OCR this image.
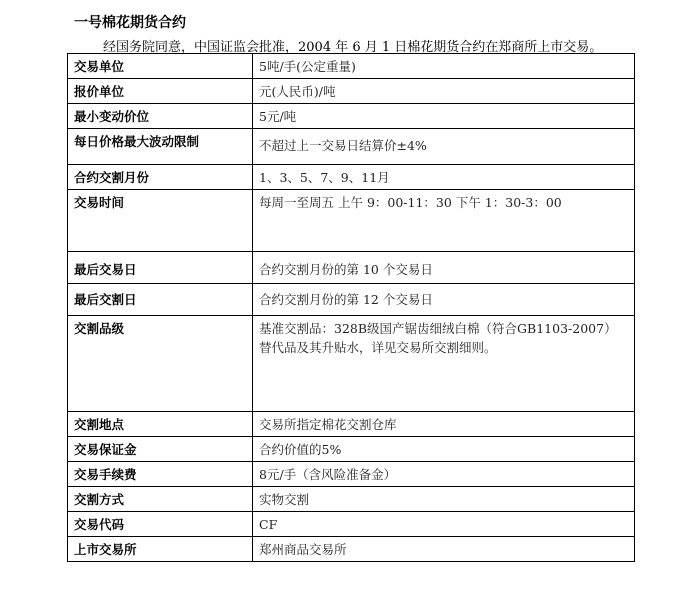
一号棉花期货合约
经国务院同意，中国证监会批准，2004 年 6 月 1 日棉花期货合约在郑商所上市交易。
交易单位	5吨/手(公定重量)
报价单位	元(人民币)/吨
最小变动价位	5元/吨
每日价格最大波动限制	不超过上一交易日结算价±4%
合约交割月份	1、3、5、7、9、11月
交易时间	每周一至周五 上午 9：00-11：30 下午 1：30-3：00
最后交易日	合约交割月份的第 10 个交易日
最后交割日	合约交割月份的第 12 个交易日
交割品级	基准交割品：328B级国产锯齿细绒白棉（符合GB1103-2007）
替代品及其升贴水，详见交易所交割细则。

交割地点	交易所指定棉花交割仓库
交易保证金	合约价值的5%
交易手续费	8元/手（含风险准备金）
交割方式	实物交割
交易代码	CF
上市交易所	郑州商品交易所
